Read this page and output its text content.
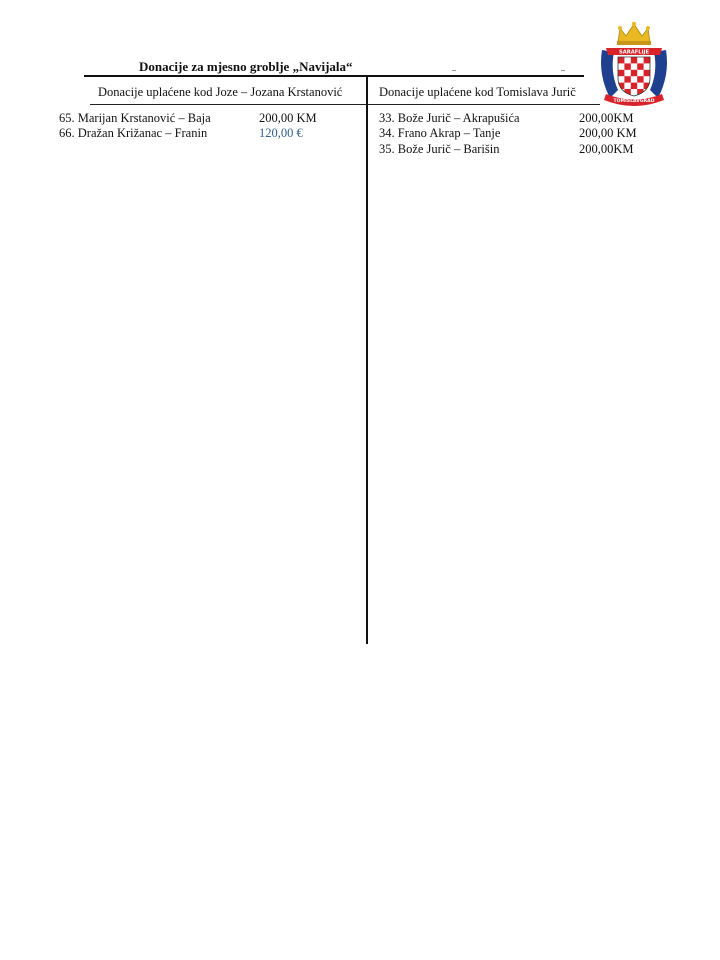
Donacije za mjesno groblje „Navijala“
Donacije uplaćene kod Joze – Jozana Krstanović	Donacije uplaćene kod Tomislava Jurič
65. Marijan Krstanović – Baja	200,00 KM
66. Dražan Križanac – Franin	120,00 €
33. Bože Jurič – Akrapušića	200,00KM
34. Frano Akrap – Tanje	200,00 KM
35. Bože Jurič – Barišin	200,00KM
SARAFLIJE
TOMISLAVGRAD
